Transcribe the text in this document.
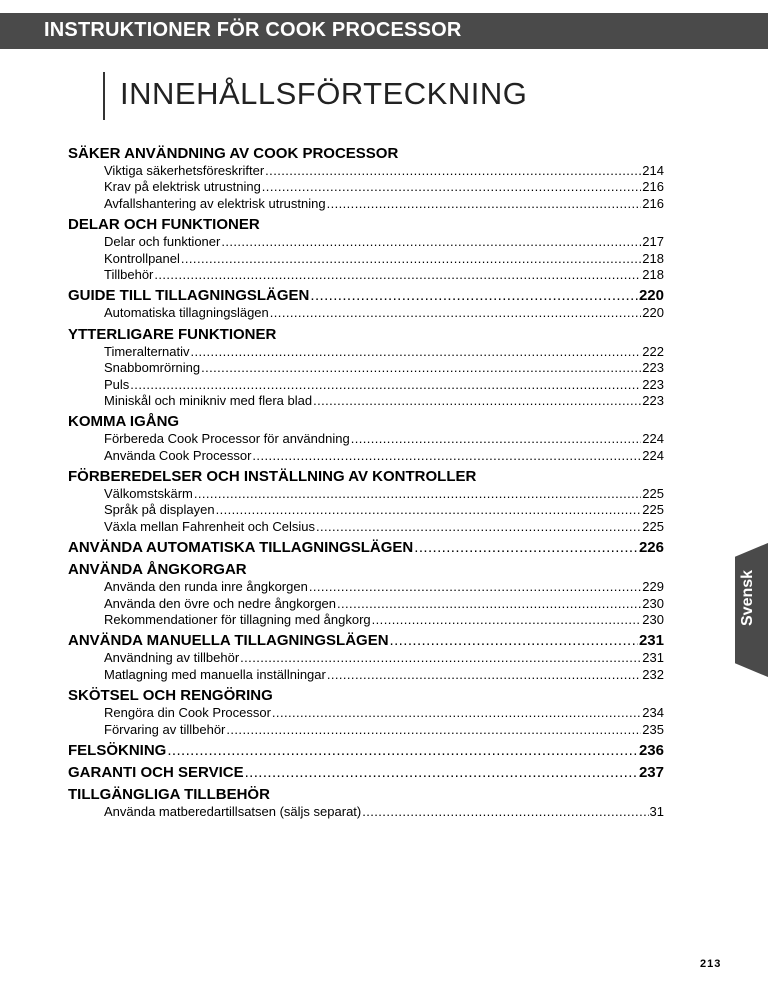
INSTRUKTIONER FÖR COOK PROCESSOR
INNEHÅLLSFÖRTECKNING
SÄKER ANVÄNDNING AV COOK PROCESSOR
Viktiga säkerhetsföreskrifter .....	214
Krav på elektrisk utrustning .....	216
Avfallshantering av elektrisk utrustning .....	216
DELAR OCH FUNKTIONER
Delar och funktioner .....	217
Kontrollpanel .....	218
Tillbehör .....	218
GUIDE TILL TILLAGNINGSLÄGEN .....	220
Automatiska tillagningslägen .....	220
YTTERLIGARE FUNKTIONER
Timeralternativ .....	222
Snabbomrörning .....	223
Puls .....	223
Miniskål och minikniv med flera blad .....	223
KOMMA IGÅNG
Förbereda Cook Processor för användning .....	224
Använda Cook Processor .....	224
FÖRBEREDELSER OCH INSTÄLLNING AV KONTROLLER
Välkomstskärm .....	225
Språk på displayen .....	225
Växla mellan Fahrenheit och Celsius .....	225
ANVÄNDA AUTOMATISKA TILLAGNINGSLÄGEN .....	226
ANVÄNDA ÅNGKORGAR
Använda den runda inre ångkorgen .....	229
Använda den övre och nedre ångkorgen .....	230
Rekommendationer för tillagning med ångkorg .....	230
ANVÄNDA MANUELLA TILLAGNINGSLÄGEN .....	231
Användning av tillbehör .....	231
Matlagning med manuella inställningar .....	232
SKÖTSEL OCH RENGÖRING
Rengöra din Cook Processor .....	234
Förvaring av tillbehör .....	235
FELSÖKNING .....	236
GARANTI OCH SERVICE .....	237
TILLGÄNGLIGA TILLBEHÖR
Använda matberedartillsatsen (säljs separat) .....	31
Svensk
213
